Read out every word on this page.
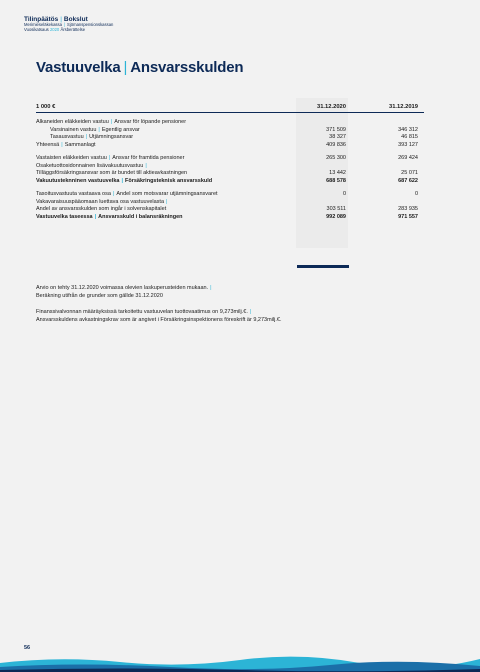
Tilinpäätös | Bokslut
Merimieseläkekassa | Sjömanspensionskassan
Vuosikatsaus 2020 Årsberättelse
Vastuuvelka | Ansvarsskulden
1 000 €	31.12.2020	31.12.2019
Alkaneiden eläkkeiden vastuu | Ansvar för löpande pensioner
Varsinainen vastuu | Egentlig ansvar	371 509	346 312
Tasausvastuu | Utjämningsansvar	38 327	46 815
Yhteensä | Sammanlagt	409 836	393 127
Vastaisten eläkkeiden vastuu | Ansvar för framtida pensioner	265 300	269 424
Osaketuottosidonnainen lisävakuutusvastuu |
Tilläggsförsäkringsansvar som är bundet till aktieavkastningen	13 442	25 071
Vakuutusteknninen vastuuvelka | Försäkringsteknisk ansvarsskuld	688 578	687 622
Tasoitusvastuuta vastaava osa | Andel som motsvarar utjämningsansvaret	0	0
Vakavaraisuuspääomaan luettava osa vastuuvelasta |
Andel av ansvarsskulden som ingår i solvenskapitalet	303 511	283 935
Vastuuvelka taseessa | Ansvarsskuld i balansräkningen	992 089	971 557
Arvio on tehty 31.12.2020 voimassa olevien laskuperusteiden mukaan. |
Beräkning utifrån de grunder som gällde 31.12.2020
Finanssivalvonnan määräyksissä tarkoitettu vastuuvelan tuottovaatimus on 9,273milj.€. |
Ansvarsskuldens avkastningskrav som är angivet i Försäkringsinspektionens föreskrift är 9,273milj.€.
56
